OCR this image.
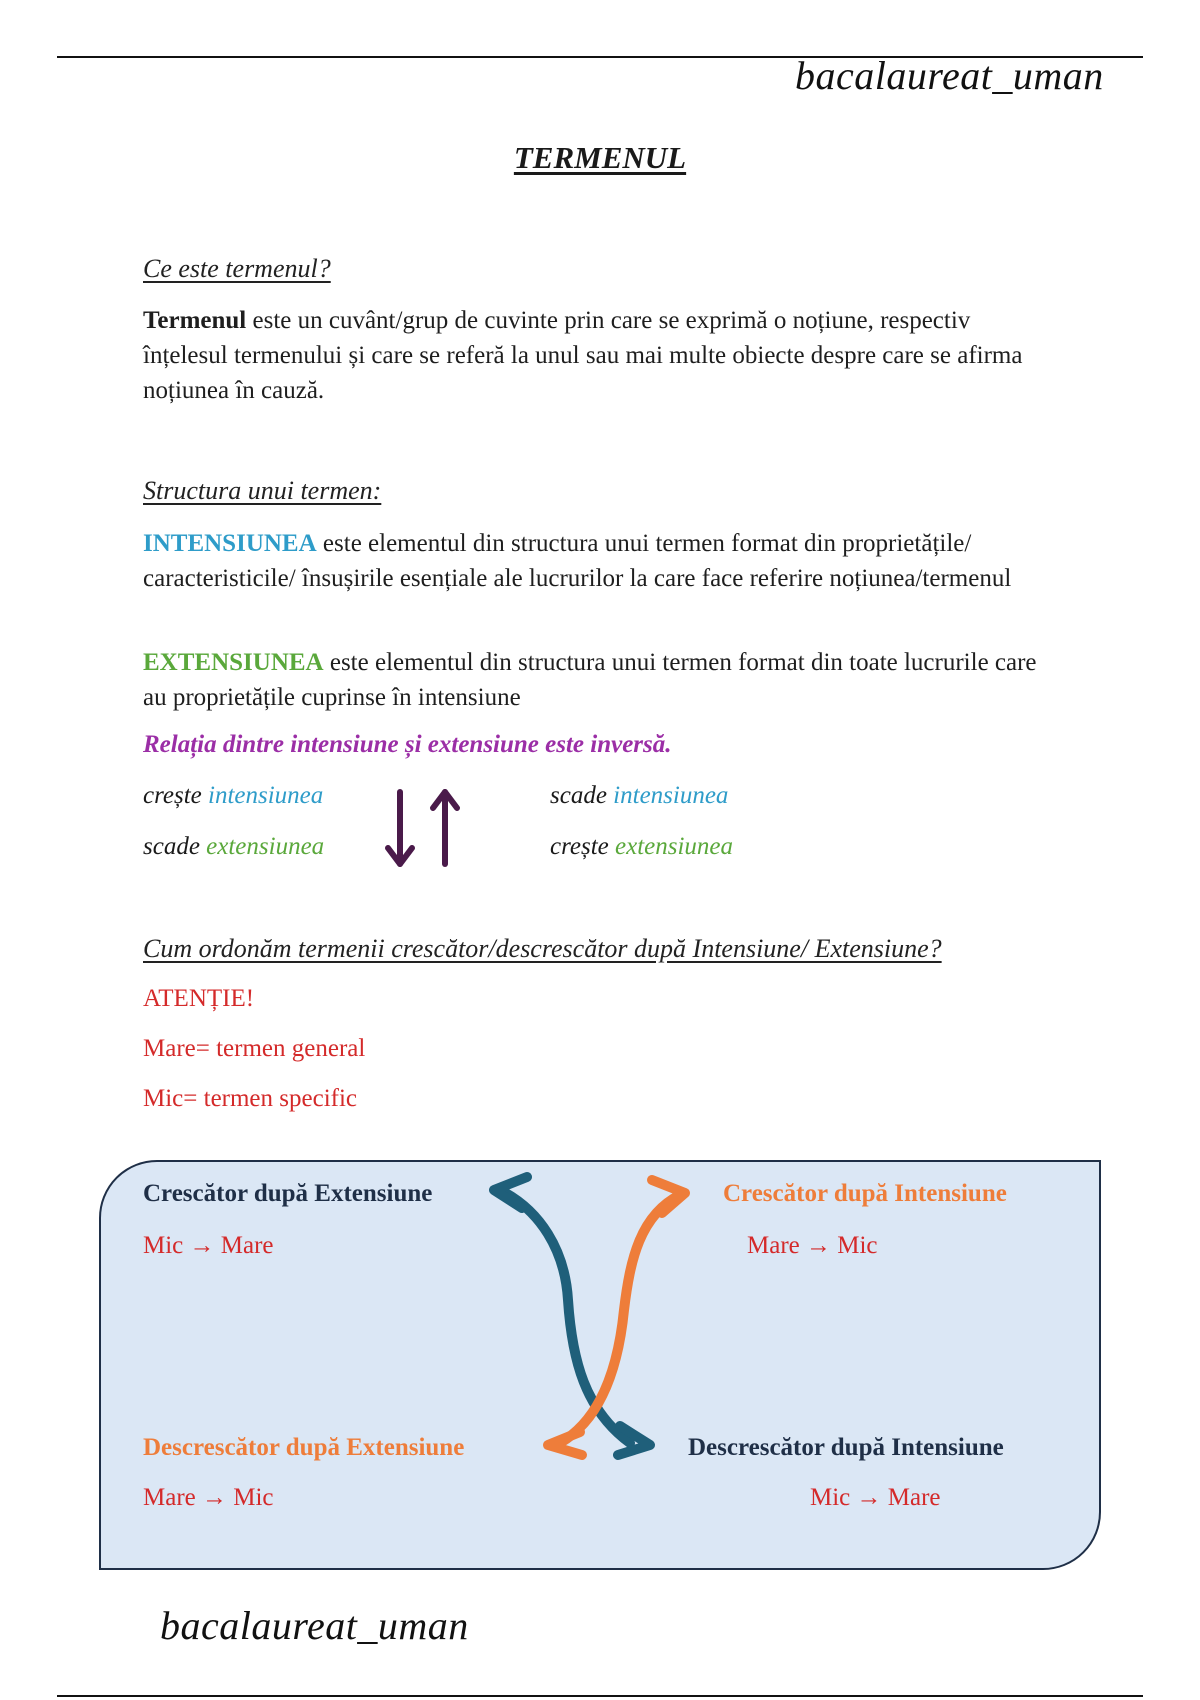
bacalaureat_uman
TERMENUL
Ce este termenul?
Termenul este un cuvânt/grup de cuvinte prin care se exprimă o noțiune, respectiv înțelesul termenului și care se referă la unul sau mai multe obiecte despre care se afirma noțiunea în cauză.
Structura unui termen:
INTENSIUNEA este elementul din structura unui termen format din proprietățile/ caracteristicile/ însușirile esențiale ale lucrurilor la care face referire noțiunea/termenul
EXTENSIUNEA este elementul din structura unui termen format din toate lucrurile care au proprietățile cuprinse în intensiune
Relația dintre intensiune și extensiune este inversă.
crește intensiunea
scade extensiunea
scade intensiunea
crește extensiunea
Cum ordonăm termenii crescător/descrescător după Intensiune/ Extensiune?
ATENȚIE!
Mare= termen general
Mic= termen specific
Crescător după Extensiune
Mic → Mare
Crescător după Intensiune
Mare → Mic
Descrescător după Extensiune
Mare → Mic
Descrescător după Intensiune
Mic → Mare
bacalaureat_uman
